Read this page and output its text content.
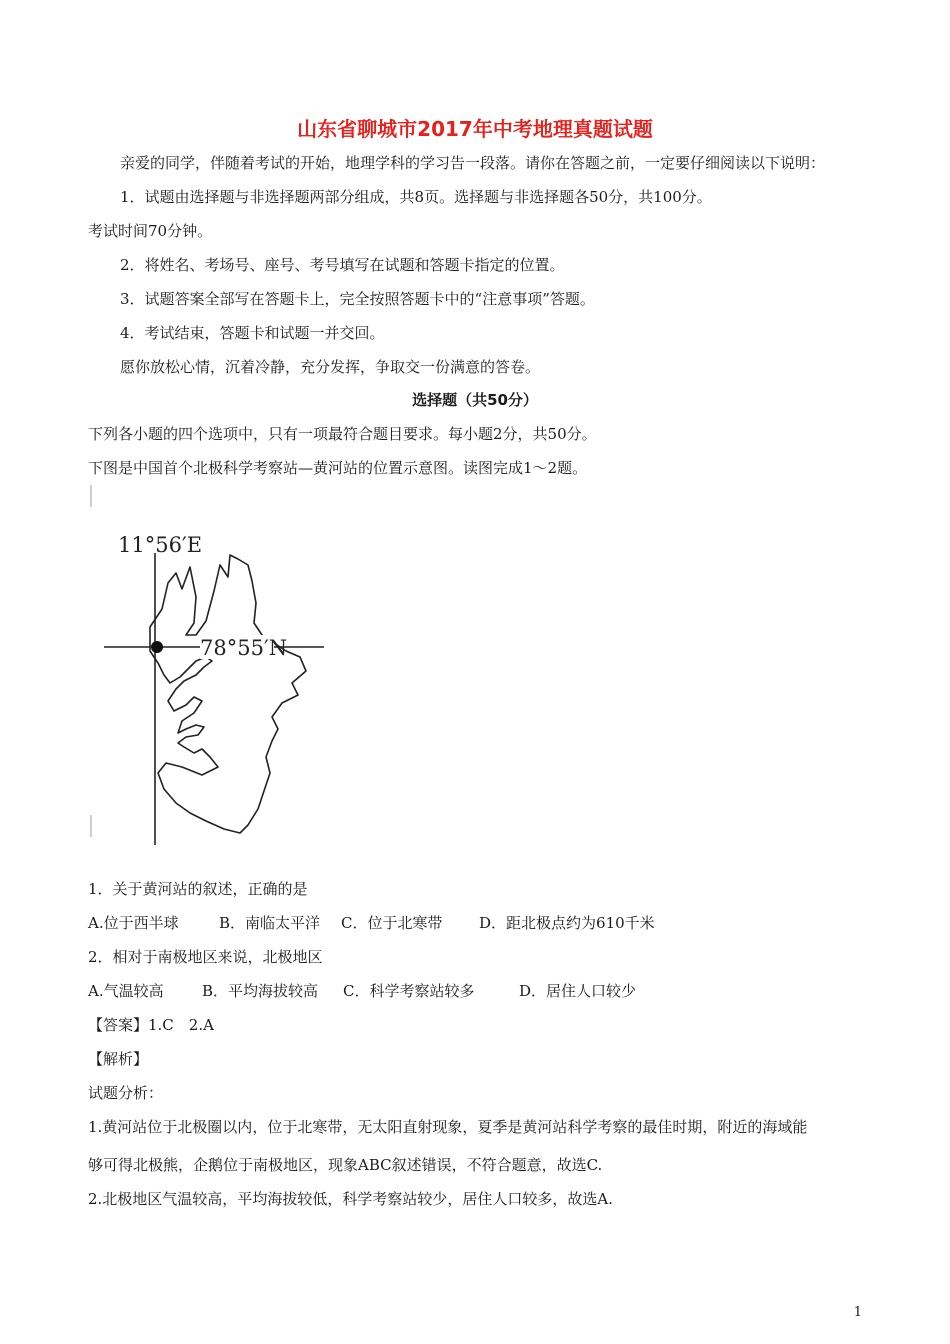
山东省聊城市2017年中考地理真题试题
亲爱的同学，伴随着考试的开始，地理学科的学习告一段落。请你在答题之前，一定要仔细阅读以下说明：
1．试题由选择题与非选择题两部分组成，共8页。选择题与非选择题各50分，共100分。
考试时间70分钟。
2．将姓名、考场号、座号、考号填写在试题和答题卡指定的位置。
3．试题答案全部写在答题卡上，完全按照答题卡中的“注意事项”答题。
4．考试结束，答题卡和试题一并交回。
愿你放松心情，沉着冷静，充分发挥，争取交一份满意的答卷。
选择题（共50分）
下列各小题的四个选项中，只有一项最符合题目要求。每小题2分，共50分。
下图是中国首个北极科学考察站—黄河站的位置示意图。读图完成1～2题。
11°56′E
78°55′N
1．关于黄河站的叙述，正确的是
A.位于西半球	B．南临太平洋 C．位于北寒带 D．距北极点约为610千米
2．相对于南极地区来说，北极地区
A.气温较高	B．平均海拔较高 C．科学考察站较多	D．居住人口较少
【答案】1.C　2.A
【解析】
试题分析：
1.黄河站位于北极圈以内，位于北寒带，无太阳直射现象，夏季是黄河站科学考察的最佳时期，附近的海域能
够可得北极熊，企鹅位于南极地区，现象ABC叙述错误，不符合题意，故选C.
2.北极地区气温较高，平均海拔较低，科学考察站较少，居住人口较多，故选A.
1
